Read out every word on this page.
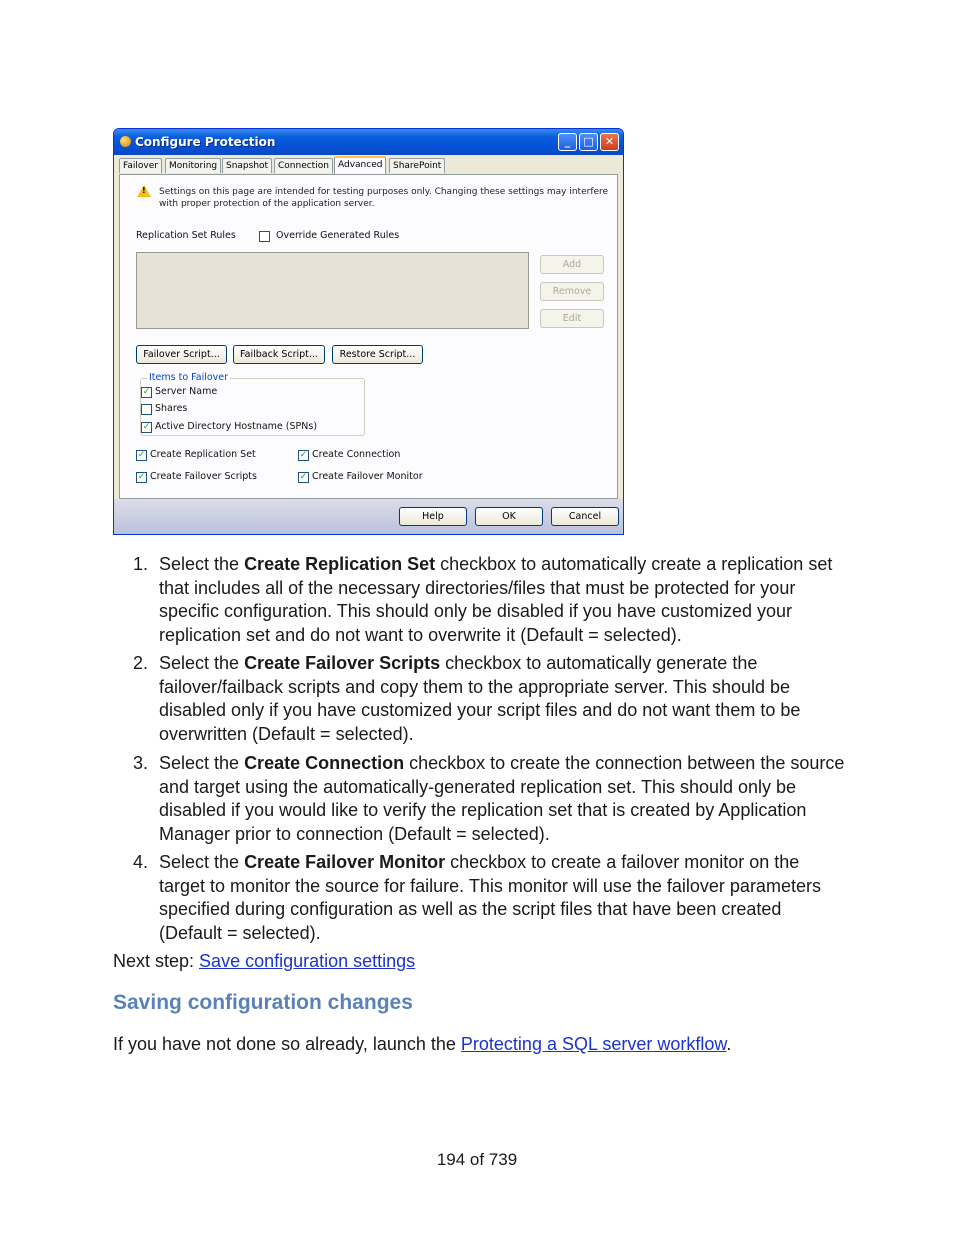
Configure Protection	_	□	✕
Failover	Monitoring Snapshot	Connection	SharePoint
Advanced
! Settings on this page are intended for testing purposes only. Changing these settings may interfere with proper protection of the application server.
Replication Set Rules	Override Generated Rules
Add
Remove
Edit
Failover Script...	Failback Script...	Restore Script...
Items to Failover
✓ Server Name
Shares
✓ Active Directory Hostname (SPNs)
✓ Create Replication Set	✓ Create Connection
✓ Create Failover Scripts	✓ Create Failover Monitor
Help	OK	Cancel
1. Select the Create Replication Set checkbox to automatically create a replication set that includes all of the necessary directories/files that must be protected for your specific configuration. This should only be disabled if you have customized your replication set and do not want to overwrite it (Default = selected).
2. Select the Create Failover Scripts checkbox to automatically generate the failover/failback scripts and copy them to the appropriate server. This should be disabled only if you have customized your script files and do not want them to be overwritten (Default = selected).
3. Select the Create Connection checkbox to create the connection between the source and target using the automatically-generated replication set. This should only be disabled if you would like to verify the replication set that is created by Application Manager prior to connection (Default = selected).
4. Select the Create Failover Monitor checkbox to create a failover monitor on the target to monitor the source for failure. This monitor will use the failover parameters specified during configuration as well as the script files that have been created (Default = selected).
Next step: Save configuration settings
Saving configuration changes
If you have not done so already, launch the Protecting a SQL server workflow.
194 of 739
